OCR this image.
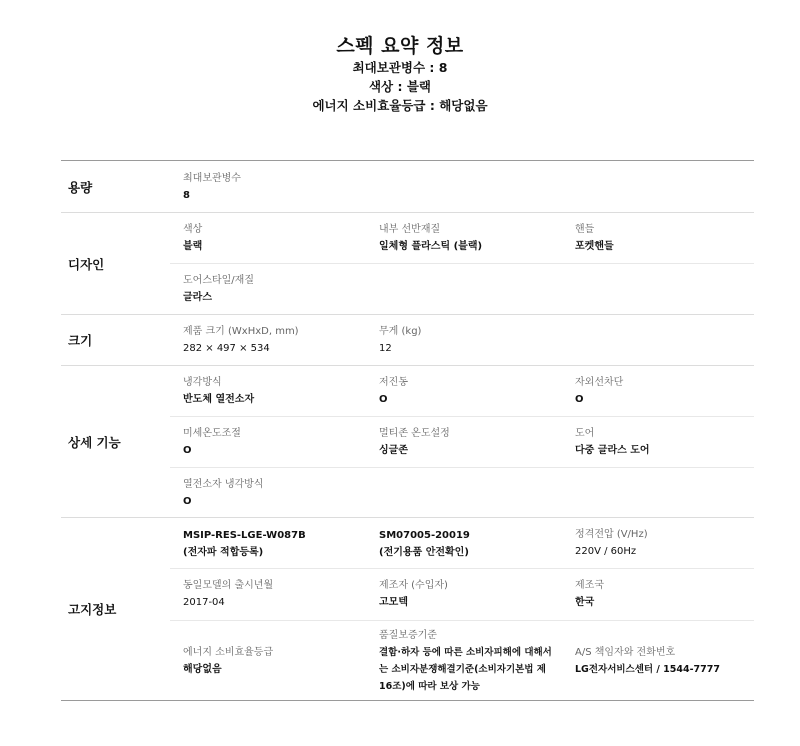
스펙 요약 정보
최대보관병수 : 8
색상 : 블랙
에너지 소비효율등급 : 해당없음
용량
최대보관병수
8
디자인
색상
블랙
내부 선반재질
일체형 플라스틱 (블랙)
핸들
포켓핸들
도어스타일/재질
글라스
크기
제품 크기 (WxHxD, mm)
282 × 497 × 534
무게 (kg)
12
상세 기능
냉각방식
반도체 열전소자
저진동
O
자외선차단
O
미세온도조절
O
멀티존 온도설정
싱글존
도어
다중 글라스 도어
열전소자 냉각방식
O
고지정보
MSIP-RES-LGE-W087B
(전자파 적합등록)
SM07005-20019
(전기용품 안전확인)
정격전압 (V/Hz)
220V / 60Hz
동일모델의 출시년월
2017-04
제조자 (수입자)
고모텍
제조국
한국
에너지 소비효율등급
해당없음
품질보증기준
결함·하자 등에 따른 소비자피해에 대해서는 소비자분쟁해결기준(소비자기본법 제16조)에 따라 보상 가능
A/S 책임자와 전화번호
LG전자서비스센터 / 1544-7777
